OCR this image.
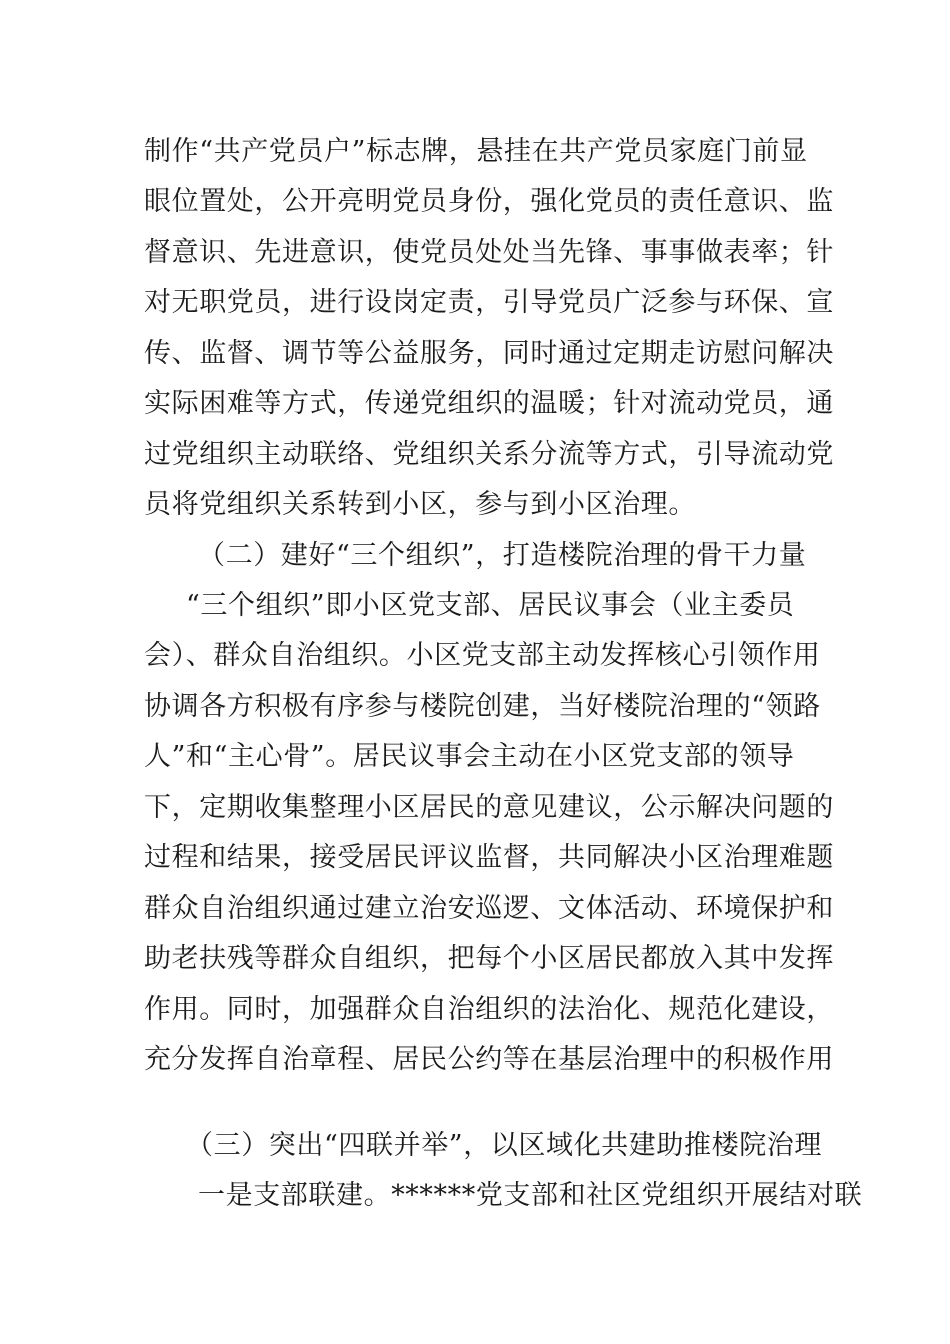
制作“共产党员户”标志牌，悬挂在共产党员家庭门前显
眼位置处，公开亮明党员身份，强化党员的责任意识、监
督意识、先进意识，使党员处处当先锋、事事做表率；针
对无职党员，进行设岗定责，引导党员广泛参与环保、宣
传、监督、调节等公益服务，同时通过定期走访慰问解决
实际困难等方式，传递党组织的温暖；针对流动党员，通
过党组织主动联络、党组织关系分流等方式，引导流动党
员将党组织关系转到小区，参与到小区治理。
（二）建好“三个组织”，打造楼院治理的骨干力量
“三个组织”即小区党支部、居民议事会（业主委员
会）、群众自治组织。小区党支部主动发挥核心引领作用
协调各方积极有序参与楼院创建，当好楼院治理的“领路
人”和“主心骨”。居民议事会主动在小区党支部的领导
下，定期收集整理小区居民的意见建议，公示解决问题的
过程和结果，接受居民评议监督，共同解决小区治理难题
群众自治组织通过建立治安巡逻、文体活动、环境保护和
助老扶残等群众自组织，把每个小区居民都放入其中发挥
作用。同时，加强群众自治组织的法治化、规范化建设，
充分发挥自治章程、居民公约等在基层治理中的积极作用
（三）突出“四联并举”，以区域化共建助推楼院治理
一是支部联建。******党支部和社区党组织开展结对联
